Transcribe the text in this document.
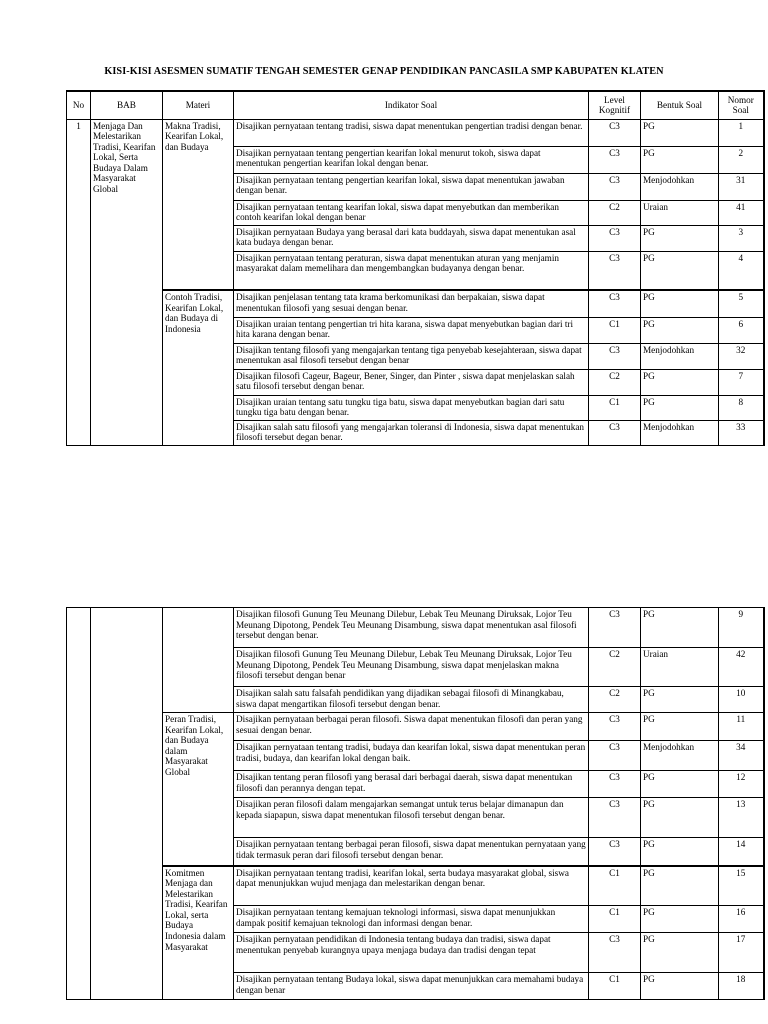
KISI-KISI ASESMEN SUMATIF TENGAH SEMESTER GENAP PENDIDIKAN PANCASILA SMP KABUPATEN KLATEN
No	BAB	Materi	Indikator Soal	Level Kognitif	Bentuk Soal	Nomor Soal
1	Menjaga Dan Melestarikan Tradisi, Kearifan Lokal, Serta Budaya Dalam Masyarakat Global	Makna Tradisi, Kearifan Lokal, dan Budaya	Disajikan pernyataan tentang tradisi, siswa dapat menentukan pengertian tradisi dengan benar.	C3	PG	1
			Disajikan pernyataan tentang pengertian kearifan lokal menurut tokoh, siswa dapat menentukan pengertian kearifan lokal dengan benar.	C3	PG	2
			Disajikan pernyataan tentang pengertian kearifan lokal, siswa dapat menentukan jawaban dengan benar.	C3	Menjodohkan	31
			Disajikan pernyataan tentang kearifan lokal, siswa dapat menyebutkan dan memberikan contoh kearifan lokal dengan benar	C2	Uraian	41
			Disajikan pernyataan Budaya yang berasal dari kata buddayah, siswa dapat menentukan asal kata budaya dengan benar.	C3	PG	3
			Disajikan pernyataan tentang peraturan, siswa dapat menentukan aturan yang menjamin masyarakat dalam memelihara dan mengembangkan budayanya dengan benar.	C3	PG	4
		Contoh Tradisi, Kearifan Lokal, dan Budaya di Indonesia	Disajikan penjelasan tentang tata krama berkomunikasi dan berpakaian, siswa dapat menentukan filosofi yang sesuai dengan benar.	C3	PG	5
			Disajikan uraian tentang pengertian tri hita karana, siswa dapat menyebutkan bagian dari tri hita karana dengan benar.	C1	PG	6
			Disajikan tentang filosofi yang mengajarkan tentang tiga penyebab kesejahteraan, siswa dapat menentukan asal filosofi tersebut dengan benar	C3	Menjodohkan	32
			Disajikan filosofi Cageur, Bageur, Bener, Singer, dan Pinter , siswa dapat menjelaskan salah satu filosofi tersebut dengan benar.	C2	PG	7
			Disajikan uraian tentang satu tungku tiga batu, siswa dapat menyebutkan bagian dari satu tungku tiga batu dengan benar.	C1	PG	8
			Disajikan salah satu filosofi yang mengajarkan toleransi di Indonesia, siswa dapat menentukan filosofi tersebut degan benar.	C3	Menjodohkan	33
			Disajikan filosofi Gunung Teu Meunang Dilebur, Lebak Teu Meunang Diruksak, Lojor Teu Meunang Dipotong, Pendek Teu Meunang Disambung, siswa dapat menentukan asal filosofi tersebut dengan benar.	C3	PG	9
			Disajikan filosofi Gunung Teu Meunang Dilebur, Lebak Teu Meunang Diruksak, Lojor Teu Meunang Dipotong, Pendek Teu Meunang Disambung, siswa dapat menjelaskan makna filosofi tersebut dengan benar	C2	Uraian	42
			Disajikan salah satu falsafah pendidikan yang dijadikan sebagai filosofi di Minangkabau, siswa dapat mengartikan filosofi tersebut dengan benar.	C2	PG	10
		Peran Tradisi, Kearifan Lokal, dan Budaya dalam Masyarakat Global	Disajikan pernyataan berbagai peran filosofi. Siswa dapat menentukan filosofi dan peran yang sesuai dengan benar.	C3	PG	11
			Disajikan pernyataan tentang tradisi, budaya dan kearifan lokal, siswa dapat menentukan peran tradisi, budaya, dan kearifan lokal dengan baik.	C3	Menjodohkan	34
			Disajikan tentang peran filosofi yang berasal dari berbagai daerah, siswa dapat menentukan filosofi dan perannya dengan tepat.	C3	PG	12
			Disajikan peran filosofi dalam mengajarkan semangat untuk terus belajar dimanapun dan kepada siapapun, siswa dapat menentukan filosofi tersebut dengan benar.	C3	PG	13
			Disajikan pernyataan tentang berbagai peran filosofi, siswa dapat menentukan pernyataan yang tidak termasuk peran dari filosofi tersebut dengan benar.	C3	PG	14
		Komitmen Menjaga dan Melestarikan Tradisi, Kearifan Lokal, serta Budaya Indonesia dalam Masyarakat	Disajikan pernyataan tentang tradisi, kearifan lokal, serta budaya masyarakat global, siswa dapat menunjukkan wujud menjaga dan melestarikan dengan benar.	C1	PG	15
			Disajikan pernyataan tentang kemajuan teknologi informasi, siswa dapat menunjukkan dampak positif kemajuan teknologi dan informasi dengan benar.	C1	PG	16
			Disajikan pernyataan pendidikan di Indonesia tentang budaya dan tradisi, siswa dapat menentukan penyebab kurangnya upaya menjaga budaya dan tradisi dengan tepat	C3	PG	17
			Disajikan pernyataan tentang Budaya lokal, siswa dapat menunjukkan cara memahami budaya dengan benar	C1	PG	18
